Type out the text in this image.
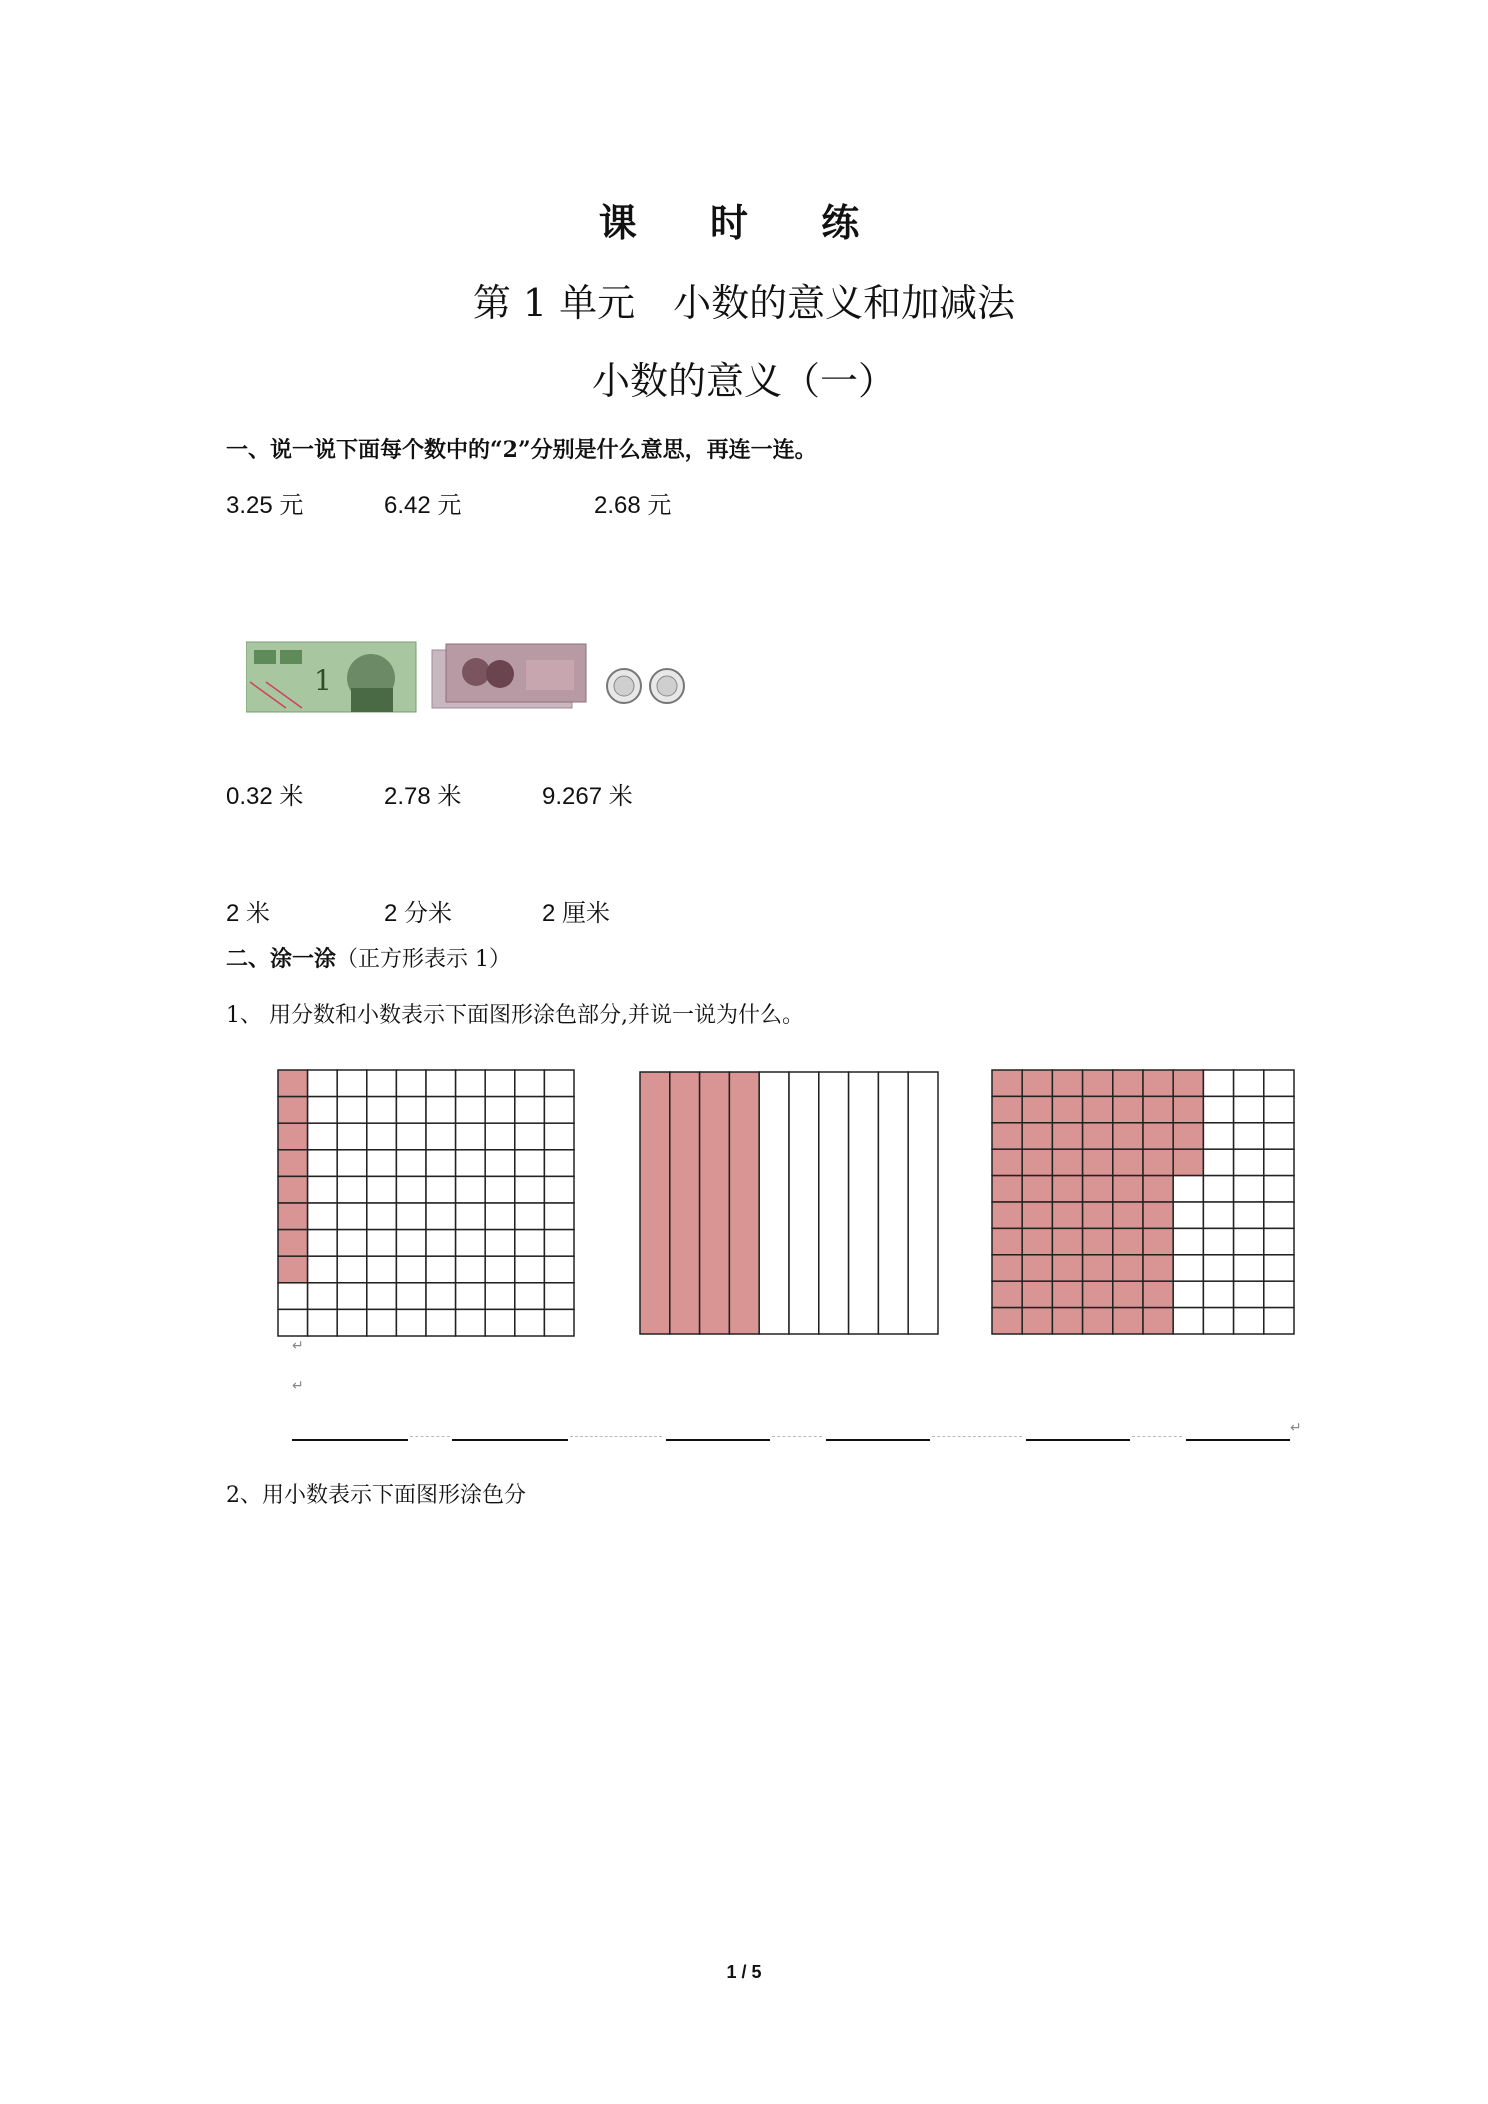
课 时 练
第 1 单元　小数的意义和加减法
小数的意义（一）
一、说一说下面每个数中的“2”分别是什么意思，再连一连。
3.25 元	6.42 元	2.68 元
1
0.32 米	2.78 米	9.267 米
2 米	2 分米	2 厘米
二、涂一涂（正方形表示 1）
1、 用分数和小数表示下面图形涂色部分,并说一说为什么。
↵
↵
↵
2、用小数表示下面图形涂色分
1 / 5
